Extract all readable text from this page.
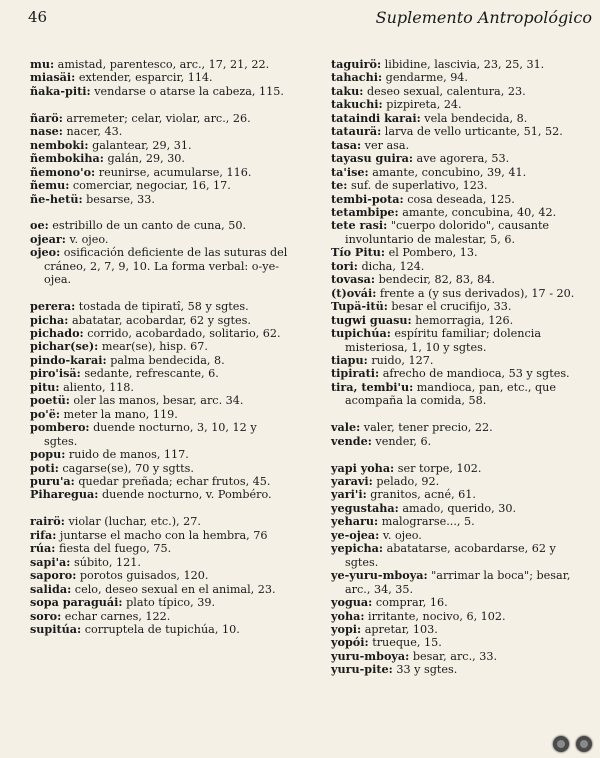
46	Suplemento Antropológico

mu: amistad, parentesco, arc., 17, 21, 22.

miasäi: extender, esparcir, 114.

ñaka-piti: vendarse o atarse la cabeza, 115.

ñarö: arremeter; celar, violar, arc., 26.

nase: nacer, 43.

nemboki: galantear, 29, 31.

ñembokiha: galán, 29, 30.

ñemono'o: reunirse, acumularse, 116.

ñemu: comerciar, negociar, 16, 17.

ñe-hetü: besarse, 33.

oe: estribillo de un canto de cuna, 50.

ojear: v. ojeo.

ojeo: osificación deficiente de las suturas del cráneo, 2, 7, 9, 10. La forma verbal: o-ye-ojea.

perera: tostada de tipiratî, 58 y sgtes.

picha: abatatar, acobardar, 62 y sgtes.

pichado: corrido, acobardado, solitario, 62.

pichar(se): mear(se), hisp. 67.

pindo-karai: palma bendecida, 8.

piro'isä: sedante, refrescante, 6.

pitu: aliento, 118.

poetü: oler las manos, besar, arc. 34.

po'ë: meter la mano, 119.

pombero: duende nocturno, 3, 10, 12 y sgtes.

popu: ruido de manos, 117.

poti: cagarse(se), 70 y sgtts.

puru'a: quedar preñada; echar frutos, 45.

Piharegua: duende nocturno, v. Pombéro.

rairö: violar (luchar, etc.), 27.

rifa: juntarse el macho con la hembra, 76

rúa: fiesta del fuego, 75.

sapi'a: súbito, 121.

saporo: porotos guisados, 120.

salida: celo, deseo sexual en el animal, 23.

sopa paraguái: plato típico, 39.

soro: echar carnes, 122.

supitúa: corruptela de tupichúa, 10.

taguirö: libidine, lascivia, 23, 25, 31.

tahachi: gendarme, 94.

taku: deseo sexual, calentura, 23.

takuchi: pizpireta, 24.

tataindi karai: vela bendecida, 8.

tataurä: larva de vello urticante, 51, 52.

tasa: ver asa.

tayasu guira: ave agorera, 53.

ta'ise: amante, concubino, 39, 41.

te: suf. de superlativo, 123.

tembi-pota: cosa deseada, 125.

tetambipe: amante, concubina, 40, 42.

tete rasi: "cuerpo dolorido", causante involuntario de malestar, 5, 6.

Tío Pitu: el Pombero, 13.

tori: dicha, 124.

tovasa: bendecir, 82, 83, 84.

(t)ovái: frente a (y sus derivados), 17 - 20.

Tupä-itü: besar el crucifijo, 33.

tugwi guasu: hemorragia, 126.

tupichúa: espíritu familiar; dolencia misteriosa, 1, 10 y sgtes.

tiapu: ruido, 127.

tipirati: afrecho de mandioca, 53 y sgtes.

tira, tembi'u: mandioca, pan, etc., que acompaña la comida, 58.

vale: valer, tener precio, 22.

vende: vender, 6.

yapi yoha: ser torpe, 102.

yaravi: pelado, 92.

yari'i: granitos, acné, 61.

yegustaha: amado, querido, 30.

yeharu: malograrse..., 5.

ye-ojea: v. ojeo.

yepicha: abatatarse, acobardarse, 62 y sgtes.

ye-yuru-mboya: "arrimar la boca"; besar, arc., 34, 35.

yogua: comprar, 16.

yoha: irritante, nocivo, 6, 102.

yopi: apretar, 103.

yopói: trueque, 15.

yuru-mboya: besar, arc., 33.

yuru-pite: 33 y sgtes.
